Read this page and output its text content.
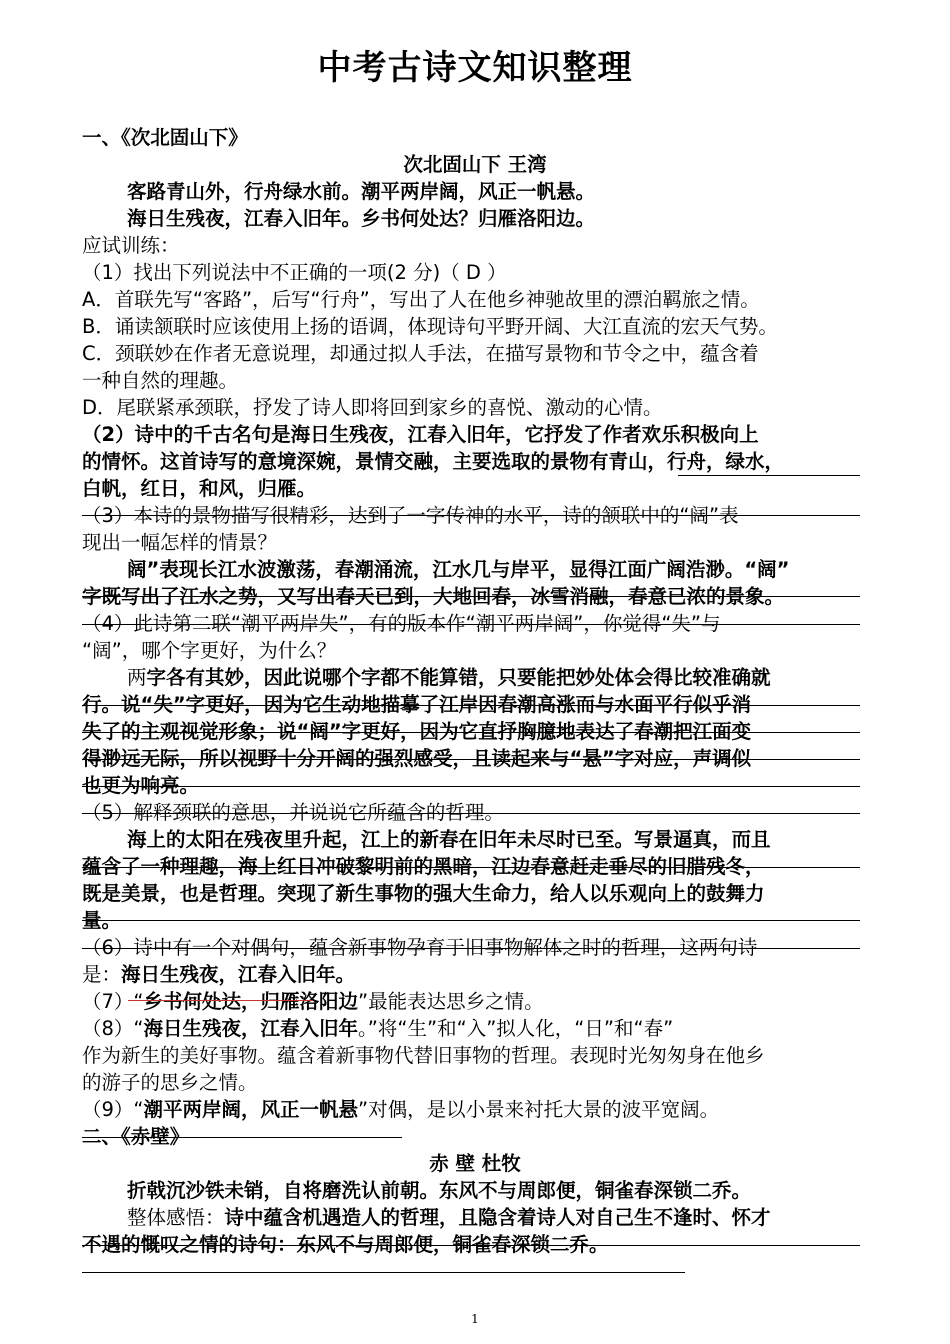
中考古诗文知识整理
一、《次北固山下》
次北固山下 王湾
客路青山外，行舟绿水前。潮平两岸阔，风正一帆悬。
海日生残夜，江春入旧年。乡书何处达？归雁洛阳边。
应试训练：
（1）找出下列说法中不正确的一项(2 分)（ D ）
A．首联先写“客路”，后写“行舟”，写出了人在他乡神驰故里的漂泊羁旅之情。
B．诵读颔联时应该使用上扬的语调，体现诗句平野开阔、大江直流的宏天气势。
C．颈联妙在作者无意说理，却通过拟人手法，在描写景物和节令之中，蕴含着
一种自然的理趣。
D．尾联紧承颈联，抒发了诗人即将回到家乡的喜悦、激动的心情。
（2）诗中的千古名句是海日生残夜，江春入旧年，它抒发了作者欢乐积极向上
的情怀。这首诗写的意境深婉，景情交融，主要选取的景物有青山，行舟，绿水，
白帆，红日，和风，归雁。
（3）本诗的景物描写很精彩，达到了一字传神的水平，诗的颔联中的“阔”表
现出一幅怎样的情景？
阔”表现长江水波激荡，春潮涌流，江水几与岸平，显得江面广阔浩渺。“阔”
字既写出了江水之势，又写出春天已到，大地回春，冰雪消融，春意已浓的景象。
（4）此诗第二联“潮平两岸失”，有的版本作“潮平两岸阔”，你觉得“失”与
“阔”，哪个字更好，为什么？
两字各有其妙，因此说哪个字都不能算错，只要能把妙处体会得比较准确就
行。说“失”字更好，因为它生动地描摹了江岸因春潮高涨而与水面平行似乎消
失了的主观视觉形象；说“阔”字更好，因为它直抒胸臆地表达了春潮把江面变
得渺远无际，所以视野十分开阔的强烈感受，且读起来与“悬”字对应，声调似
也更为响亮。
（5）解释颈联的意思，并说说它所蕴含的哲理。
海上的太阳在残夜里升起，江上的新春在旧年未尽时已至。写景逼真，而且
蕴含了一种理趣，海上红日冲破黎明前的黑暗，江边春意赶走垂尽的旧腊残冬，
既是美景，也是哲理。突现了新生事物的强大生命力，给人以乐观向上的鼓舞力
量。
（6）诗中有一个对偶句，蕴含新事物孕育于旧事物解体之时的哲理，这两句诗
是：海日生残夜，江春入旧年。
（7）“乡书何处达，归雁洛阳边”最能表达思乡之情。
（8）“海日生残夜，江春入旧年。”将“生”和“入”拟人化，“日”和“春”
作为新生的美好事物。蕴含着新事物代替旧事物的哲理。表现时光匆匆身在他乡
的游子的思乡之情。
（9）“潮平两岸阔，风正一帆悬”对偶，是以小景来衬托大景的波平宽阔。
二、《赤壁》
赤 壁 杜牧
折戟沉沙铁未销，自将磨洗认前朝。东风不与周郎便，铜雀春深锁二乔。
整体感悟：诗中蕴含机遇造人的哲理，且隐含着诗人对自己生不逢时、怀才
不遇的慨叹之情的诗句：东风不与周郎便，铜雀春深锁二乔。
1
